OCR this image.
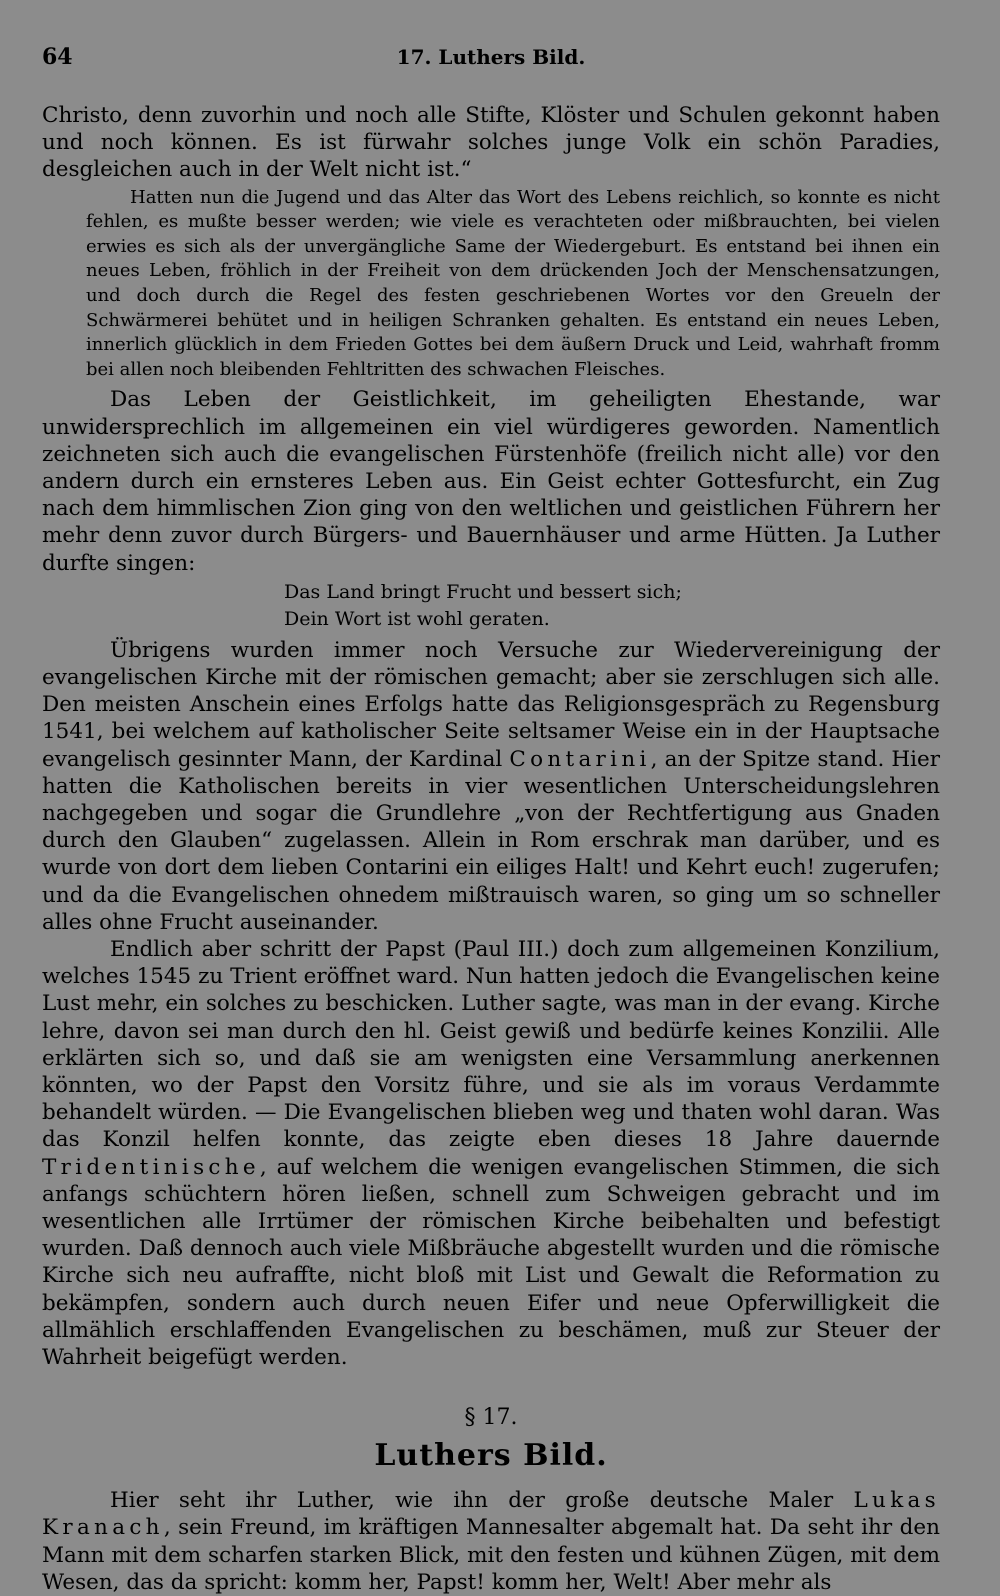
64	17. Luthers Bild.

Christo, denn zuvorhin und noch alle Stifte, Klöster und Schulen gekonnt haben und noch können. Es ist fürwahr solches junge Volk ein schön Paradies, desgleichen auch in der Welt nicht ist.“

Hatten nun die Jugend und das Alter das Wort des Lebens reichlich, so konnte es nicht fehlen, es mußte besser werden; wie viele es verachteten oder mißbrauchten, bei vielen erwies es sich als der unvergängliche Same der Wiedergeburt. Es entstand bei ihnen ein neues Leben, fröhlich in der Freiheit von dem drückenden Joch der Menschensatzungen, und doch durch die Regel des festen geschriebenen Wortes vor den Greueln der Schwärmerei behütet und in heiligen Schranken gehalten. Es entstand ein neues Leben, innerlich glücklich in dem Frieden Gottes bei dem äußern Druck und Leid, wahrhaft fromm bei allen noch bleibenden Fehltritten des schwachen Fleisches.

Das Leben der Geistlichkeit, im geheiligten Ehestande, war unwidersprechlich im allgemeinen ein viel würdigeres geworden. Namentlich zeichneten sich auch die evangelischen Fürstenhöfe (freilich nicht alle) vor den andern durch ein ernsteres Leben aus. Ein Geist echter Gottesfurcht, ein Zug nach dem himmlischen Zion ging von den weltlichen und geistlichen Führern her mehr denn zuvor durch Bürgers- und Bauernhäuser und arme Hütten. Ja Luther durfte singen:

Das Land bringt Frucht und bessert sich;
Dein Wort ist wohl geraten.

Übrigens wurden immer noch Versuche zur Wiedervereinigung der evangelischen Kirche mit der römischen gemacht; aber sie zerschlugen sich alle. Den meisten Anschein eines Erfolgs hatte das Religionsgespräch zu Regensburg 1541, bei welchem auf katholischer Seite seltsamer Weise ein in der Hauptsache evangelisch gesinnter Mann, der Kardinal Contarini, an der Spitze stand. Hier hatten die Katholischen bereits in vier wesentlichen Unterscheidungslehren nachgegeben und sogar die Grundlehre „von der Rechtfertigung aus Gnaden durch den Glauben“ zugelassen. Allein in Rom erschrak man darüber, und es wurde von dort dem lieben Contarini ein eiliges Halt! und Kehrt euch! zugerufen; und da die Evangelischen ohnedem mißtrauisch waren, so ging um so schneller alles ohne Frucht auseinander.

Endlich aber schritt der Papst (Paul III.) doch zum allgemeinen Konzilium, welches 1545 zu Trient eröffnet ward. Nun hatten jedoch die Evangelischen keine Lust mehr, ein solches zu beschicken. Luther sagte, was man in der evang. Kirche lehre, davon sei man durch den hl. Geist gewiß und bedürfe keines Konzilii. Alle erklärten sich so, und daß sie am wenigsten eine Versammlung anerkennen könnten, wo der Papst den Vorsitz führe, und sie als im voraus Verdammte behandelt würden. — Die Evangelischen blieben weg und thaten wohl daran. Was das Konzil helfen konnte, das zeigte eben dieses 18 Jahre dauernde Tridentinische, auf welchem die wenigen evangelischen Stimmen, die sich anfangs schüchtern hören ließen, schnell zum Schweigen gebracht und im wesentlichen alle Irrtümer der römischen Kirche beibehalten und befestigt wurden. Daß dennoch auch viele Mißbräuche abgestellt wurden und die römische Kirche sich neu aufraffte, nicht bloß mit List und Gewalt die Reformation zu bekämpfen, sondern auch durch neuen Eifer und neue Opferwilligkeit die allmählich erschlaffenden Evangelischen zu beschämen, muß zur Steuer der Wahrheit beigefügt werden.

§ 17.
Luthers Bild.

Hier seht ihr Luther, wie ihn der große deutsche Maler Lukas Kranach, sein Freund, im kräftigen Mannesalter abgemalt hat. Da seht ihr den Mann mit dem scharfen starken Blick, mit den festen und kühnen Zügen, mit dem Wesen, das da spricht: komm her, Papst! komm her, Welt! Aber mehr als
